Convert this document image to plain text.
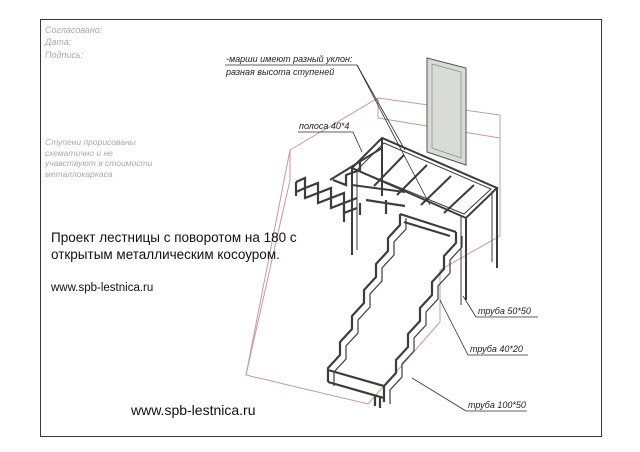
Согласовано:
Дата:
Подпись:
Ступени прорисованы
схематично и не
учавствуют в стоимости
металлокаркаса
-марши имеют разный уклон:
разная высота ступеней
полоса 40*4
труба 50*50
труба 40*20
труба 100*50
Проект лестницы с поворотом на 180 с
открытым металлическим косоуром.
www.spb-lestnica.ru
www.spb-lestnica.ru
